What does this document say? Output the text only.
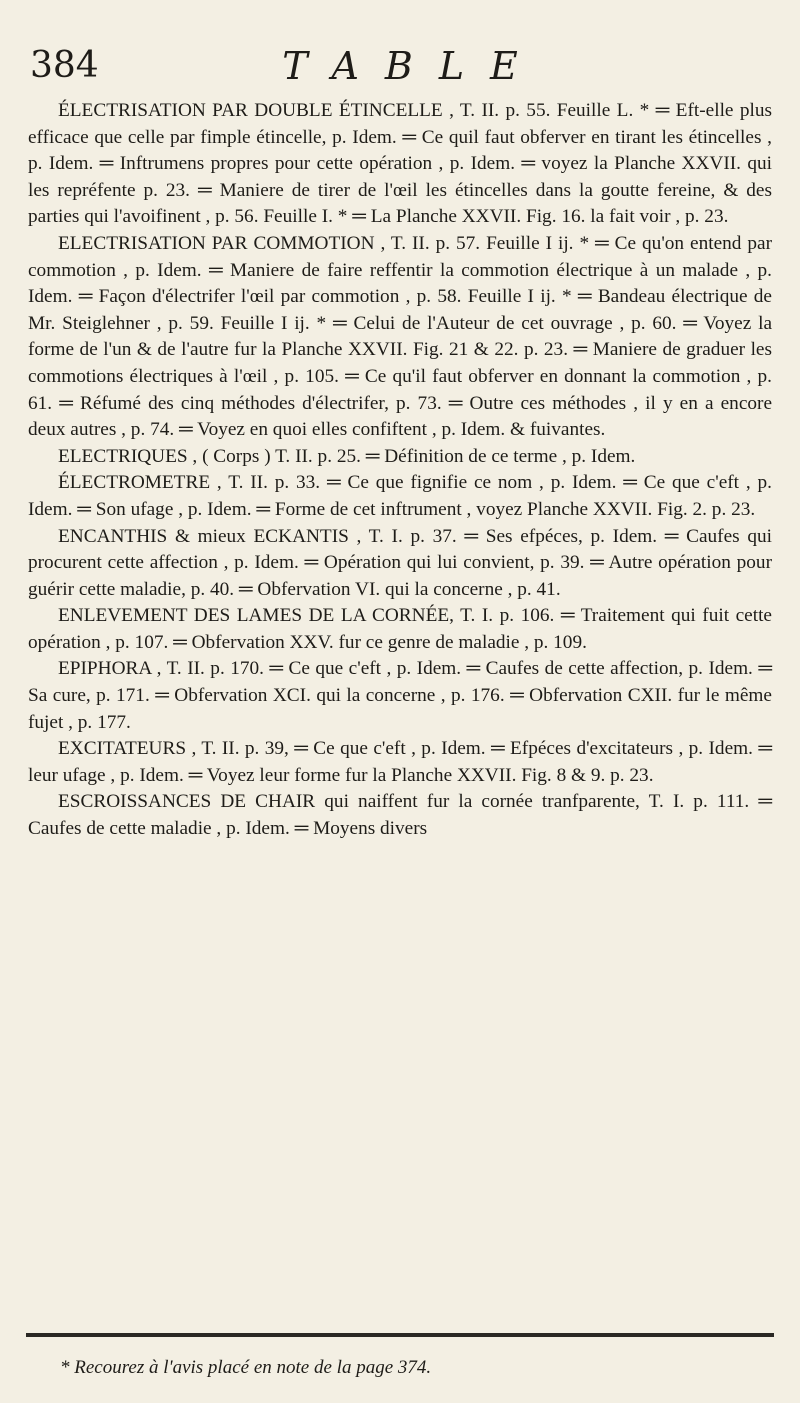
384	TABLE
ÉLECTRISATION PAR DOUBLE ÉTINCELLE , T. II. p. 55. Feuille L. * ═ Eft-elle plus efficace que celle par fimple étincelle, p. Idem. ═ Ce quil faut obferver en tirant les étincelles , p. Idem. ═ Inftrumens propres pour cette opération , p. Idem. ═ voyez la Planche XXVII. qui les repréfente p. 23. ═ Maniere de tirer de l'œil les étincelles dans la goutte fereine, & des parties qui l'avoifinent , p. 56. Feuille I. * ═ La Planche XXVII. Fig. 16. la fait voir , p. 23.
ELECTRISATION PAR COMMOTION , T. II. p. 57. Feuille I ij. * ═ Ce qu'on entend par commotion , p. Idem. ═ Maniere de faire reffentir la commotion électrique à un malade , p. Idem. ═ Façon d'électrifer l'œil par commotion , p. 58. Feuille I ij. * ═ Bandeau électrique de Mr. Steiglehner , p. 59. Feuille I ij. * ═ Celui de l'Auteur de cet ouvrage , p. 60. ═ Voyez la forme de l'un & de l'autre fur la Planche XXVII. Fig. 21 & 22. p. 23. ═ Maniere de graduer les commotions électriques à l'œil , p. 105. ═ Ce qu'il faut obferver en donnant la commotion , p. 61. ═ Réfumé des cinq méthodes d'électrifer, p. 73. ═ Outre ces méthodes , il y en a encore deux autres , p. 74. ═ Voyez en quoi elles confiftent , p. Idem. & fuivantes.
ELECTRIQUES , ( Corps ) T. II. p. 25. ═ Définition de ce terme , p. Idem.
ÉLECTROMETRE , T. II. p. 33. ═ Ce que fignifie ce nom , p. Idem. ═ Ce que c'eft , p. Idem. ═ Son ufage , p. Idem. ═ Forme de cet inftrument , voyez Planche XXVII. Fig. 2. p. 23.
ENCANTHIS & mieux ECKANTIS , T. I. p. 37. ═ Ses efpéces, p. Idem. ═ Caufes qui procurent cette affection , p. Idem. ═ Opération qui lui convient, p. 39. ═ Autre opération pour guérir cette maladie, p. 40. ═ Obfervation VI. qui la concerne , p. 41.
ENLEVEMENT DES LAMES DE LA CORNÉE, T. I. p. 106. ═ Traitement qui fuit cette opération , p. 107. ═ Obfervation XXV. fur ce genre de maladie , p. 109.
EPIPHORA , T. II. p. 170. ═ Ce que c'eft , p. Idem. ═ Caufes de cette affection, p. Idem. ═ Sa cure, p. 171. ═ Obfervation XCI. qui la concerne , p. 176. ═ Obfervation CXII. fur le même fujet , p. 177.
EXCITATEURS , T. II. p. 39, ═ Ce que c'eft , p. Idem. ═ Efpéces d'excitateurs , p. Idem. ═ leur ufage , p. Idem. ═ Voyez leur forme fur la Planche XXVII. Fig. 8 & 9. p. 23.
ESCROISSANCES DE CHAIR qui naiffent fur la cornée tranfparente, T. I. p. 111. ═ Caufes de cette maladie , p. Idem. ═ Moyens divers
* Recourez à l'avis placé en note de la page 374.
